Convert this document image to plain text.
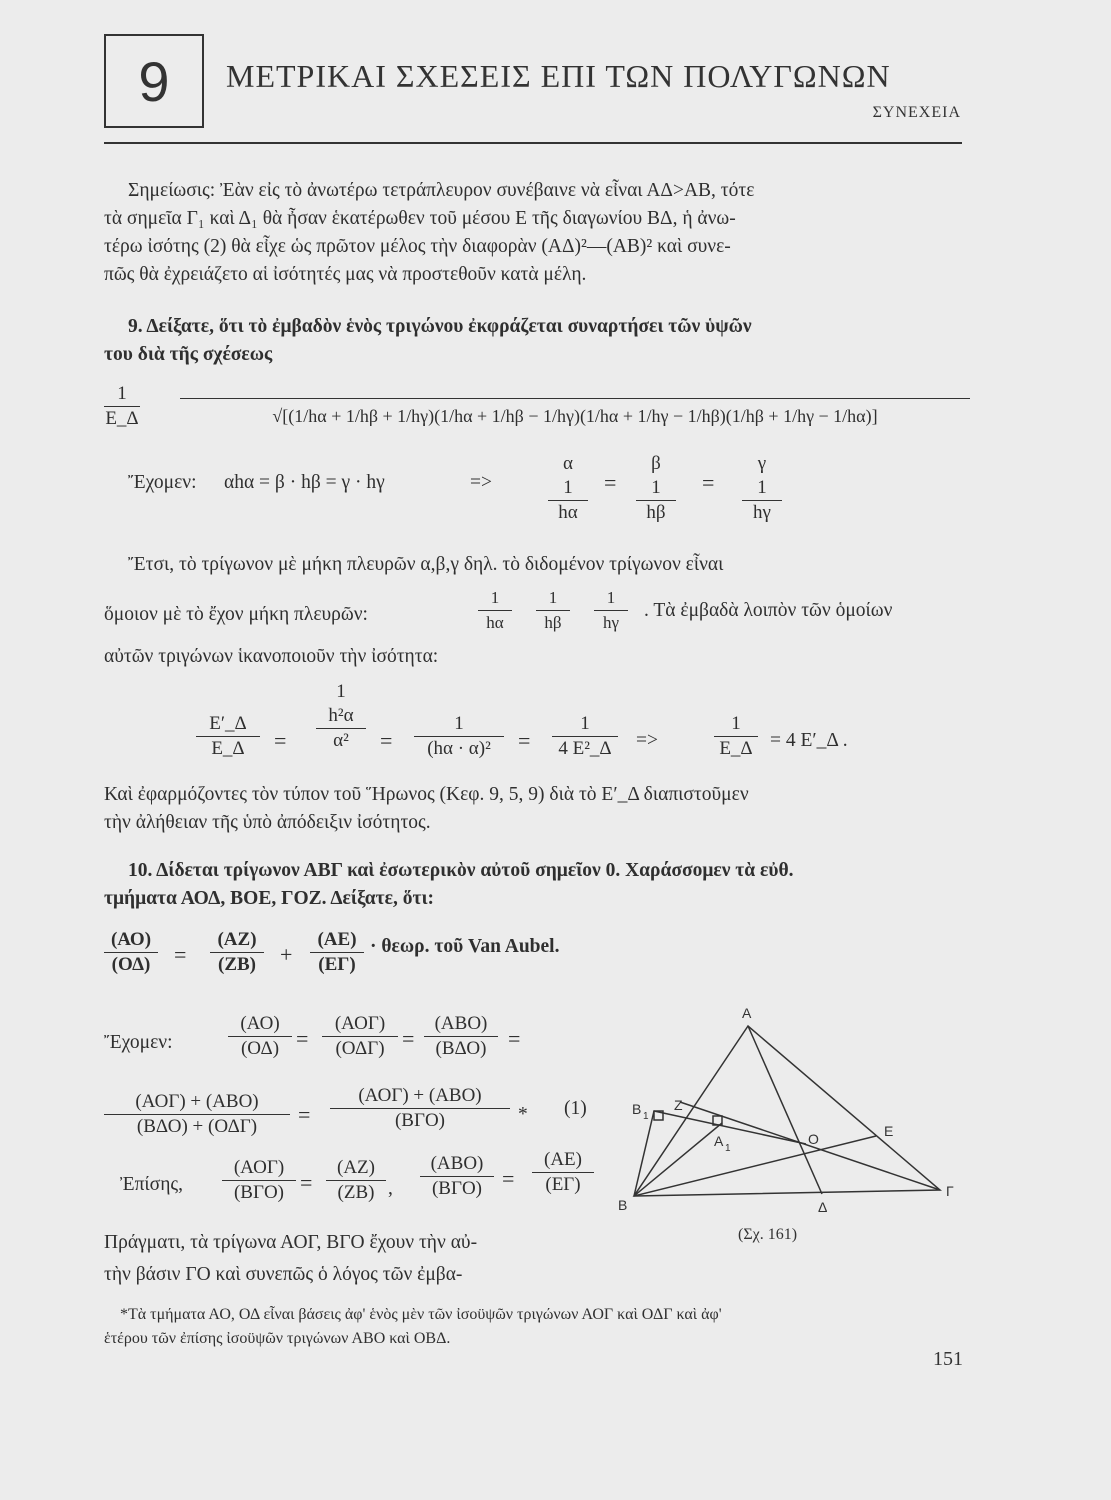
9 ΜΕΤΡΙΚΑΙ ΣΧΕΣΕΙΣ ΕΠΙ ΤΩΝ ΠΟΛΥΓΩΝΩΝ
ΣΥΝΕΧΕΙΑ
Σημείωσις: Ἐὰν εἰς τὸ ἀνωτέρω τετράπλευρον συνέβαινε νὰ εἶναι ΑΔ>ΑΒ, τότε
τὰ σημεῖα Γ₁ καὶ Δ₁ θὰ ἦσαν ἑκατέρωθεν τοῦ μέσου Ε τῆς διαγωνίου ΒΔ, ἡ ἀνω-
τέρω ἰσότης (2) θὰ εἶχε ὡς πρῶτον μέλος τὴν διαφορὰν (ΑΔ)²—(ΑΒ)² καὶ συνε-
πῶς θὰ ἐχρειάζετο αἱ ἰσότητές μας νὰ προστεθοῦν κατὰ μέλη.
9. Δείξατε, ὅτι τὸ ἐμβαδὸν ἑνὸς τριγώνου ἐκφράζεται συναρτήσει τῶν ὑψῶν
του διὰ τῆς σχέσεως
$\frac{1}{E\_\Delta}$	√[(1/hα + 1/hβ + 1/hγ)(1/hα + 1/hβ − 1/hγ)(1/hα + 1/hγ − 1/hβ)(1/hβ + 1/hγ − 1/hα)]
Ἔχομεν: αhα = β · hβ = γ · hγ	=>
α
1
hα
=
β
1
hβ
=
γ
1
hγ
Ἔτσι, τὸ τρίγωνον μὲ μήκη πλευρῶν α,β,γ δηλ. τὸ διδομένον τρίγωνον εἶναι
ὅμοιον μὲ τὸ ἔχον μήκη πλευρῶν:	$\frac{1}{h\alpha} \frac{1}{h\beta} \frac{1}{h\gamma}$ . Τὰ ἐμβαδὰ λοιπὸν τῶν ὁμοίων
αὐτῶν τριγώνων ἱκανοποιοῦν τὴν ἰσότητα:
$\frac{E'\_\Delta}{E\_\Delta}$ =
1
h²α
α²	= $\frac{1}{\text{(hα · α)²}} = \frac{1}{\text{4 Ε²\_Δ}}$ =>	$\frac{1}{E\_\Delta} = 4$ Ε′_Δ .
Καὶ ἐφαρμόζοντες τὸν τύπον τοῦ Ἥρωνος (Κεφ. 9, 5, 9) διὰ τὸ Ε′_Δ διαπιστοῦμεν
τὴν ἀλήθειαν τῆς ὑπὸ ἀπόδειξιν ἰσότητος.
10. Δίδεται τρίγωνον ΑΒΓ καὶ ἐσωτερικὸν αὐτοῦ σημεῖον 0. Χαράσσομεν τὰ εὐθ.
τμήματα ΑΟΔ, ΒΟΕ, ΓΟΖ. Δείξατε, ὅτι:
$\frac{(AO)}{(O\Delta)} = \frac{(AZ)}{(ZB)} + \frac{(AE)}{(E\Gamma)} \cdot \theta\varepsilon\omega\rho$. τοῦ Van Aubel.
Ἔχομεν:	$\frac{(AO)}{(O\Delta)}$ =
(ΑΟΓ)
(ΟΔΓ) =
(ΑΒΟ)
(ΒΔΟ) =
(ΑΟΓ) + (ΑΒΟ)
(ΒΔΟ) + (ΟΔΓ)	=
(ΑΟΓ) + (ΑΒΟ)
(ΒΓΟ)	* (1)
Ἐπίσης,
(ΑΟΓ)
$(B\Gamma O) = \frac{(AZ)}{(ZB)}$ ,
(ΑΒΟ)
$(B\Gamma O) = \frac{(AE)}{(E\Gamma)}$
Πράγματι, τὰ τρίγωνα ΑΟΓ, ΒΓΟ ἔχουν τὴν αὐ-
τὴν βάσιν ΓΟ καὶ συνεπῶς ὁ λόγος τῶν ἐμβα-
A
B
Γ
Δ
E
Z
O
A 1
B 1
(Σχ. 161)
*Τὰ τμήματα ΑΟ, ΟΔ εἶναι βάσεις ἀφ' ἑνὸς μὲν τῶν ἰσοϋψῶν τριγώνων ΑΟΓ καὶ ΟΔΓ καὶ ἀφ'
ἑτέρου τῶν ἐπίσης ἰσοϋψῶν τριγώνων ΑΒΟ καὶ ΟΒΔ.
151
